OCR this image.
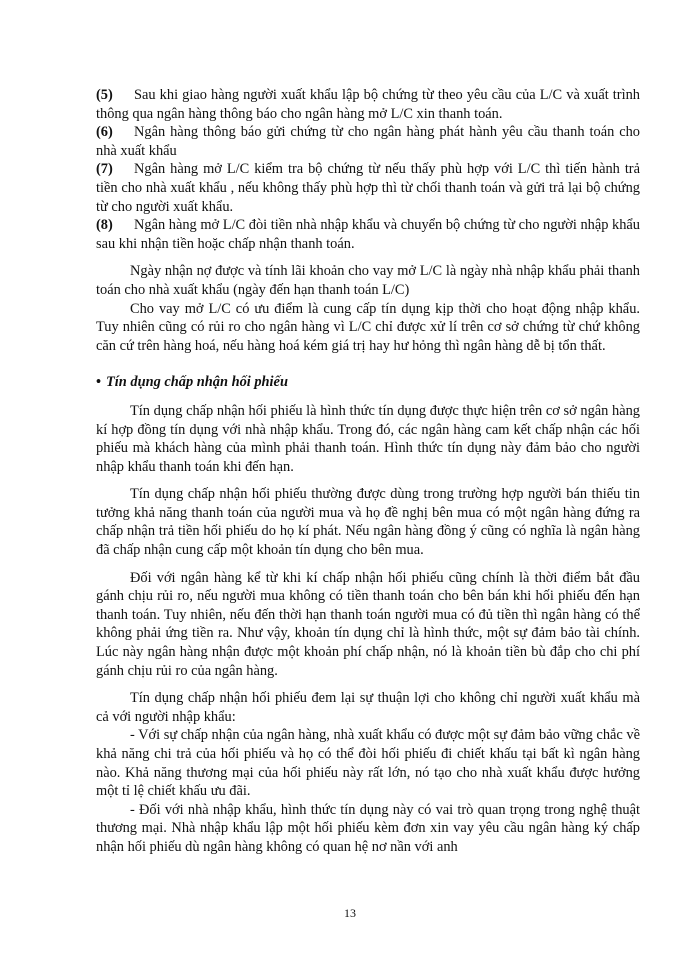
(5) Sau khi giao hàng người xuất khẩu lập bộ chứng từ theo yêu cầu của L/C và xuất trình thông qua ngân hàng thông báo cho ngân hàng mở L/C xin thanh toán.

(6) Ngân hàng thông báo gửi chứng từ cho ngân hàng phát hành yêu cầu thanh toán cho nhà xuất khẩu

(7) Ngân hàng mở L/C kiểm tra bộ chứng từ nếu thấy phù hợp với L/C thì tiến hành trả tiền cho nhà xuất khẩu , nếu không thấy phù hợp thì từ chối thanh toán và gửi trả lại bộ chứng từ cho người xuất khẩu.

(8) Ngân hàng mở L/C đòi tiền nhà nhập khẩu và chuyển bộ chứng từ cho người nhập khẩu sau khi nhận tiền hoặc chấp nhận thanh toán.

Ngày nhận nợ được và tính lãi khoản cho vay mở L/C là ngày nhà nhập khẩu phải thanh toán cho nhà xuất khẩu (ngày đến hạn thanh toán L/C)

Cho vay mở L/C có ưu điểm là cung cấp tín dụng kịp thời cho hoạt động nhập khẩu. Tuy nhiên cũng có rủi ro cho ngân hàng vì L/C chỉ được xử lí trên cơ sở chứng từ chứ không căn cứ trên hàng hoá, nếu hàng hoá kém giá trị hay hư hỏng thì ngân hàng dễ bị tổn thất.

• Tín dụng chấp nhận hối phiếu

Tín dụng chấp nhận hối phiếu là hình thức tín dụng được thực hiện trên cơ sở ngân hàng kí hợp đồng tín dụng với nhà nhập khẩu. Trong đó, các ngân hàng cam kết chấp nhận các hối phiếu mà khách hàng của mình phải thanh toán. Hình thức tín dụng này đảm bảo cho người nhập khẩu thanh toán khi đến hạn.

Tín dụng chấp nhận hối phiếu thường được dùng trong trường hợp người bán thiếu tin tưởng khả năng thanh toán của người mua và họ đề nghị bên mua có một ngân hàng đứng ra chấp nhận trả tiền hối phiếu do họ kí phát. Nếu ngân hàng đồng ý cũng có nghĩa là ngân hàng đã chấp nhận cung cấp một khoản tín dụng cho bên mua.

Đối với ngân hàng kể từ khi kí chấp nhận hối phiếu cũng chính là thời điểm bắt đầu gánh chịu rủi ro, nếu người mua không có tiền thanh toán cho bên bán khi hối phiếu đến hạn thanh toán. Tuy nhiên, nếu đến thời hạn thanh toán người mua có đủ tiền thì ngân hàng có thể không phải ứng tiền ra. Như vậy, khoản tín dụng chỉ là hình thức, một sự đảm bảo tài chính. Lúc này ngân hàng nhận được một khoản phí chấp nhận, nó là khoản tiền bù đắp cho chi phí gánh chịu rủi ro của ngân hàng.

Tín dụng chấp nhận hối phiếu đem lại sự thuận lợi cho không chỉ người xuất khẩu mà cả với người nhập khẩu:

- Với sự chấp nhận của ngân hàng, nhà xuất khẩu có được một sự đảm bảo vững chắc về khả năng chi trả của hối phiếu và họ có thể đòi hối phiếu đi chiết khấu tại bất kì ngân hàng nào. Khả năng thương mại của hối phiếu này rất lớn, nó tạo cho nhà xuất khẩu được hưởng một tỉ lệ chiết khấu ưu đãi.

- Đối với nhà nhập khẩu, hình thức tín dụng này có vai trò quan trọng trong nghệ thuật thương mại. Nhà nhập khẩu lập một hối phiếu kèm đơn xin vay yêu cầu ngân hàng ký chấp nhận hối phiếu dù ngân hàng không có quan hệ nơ nần với anh

13
